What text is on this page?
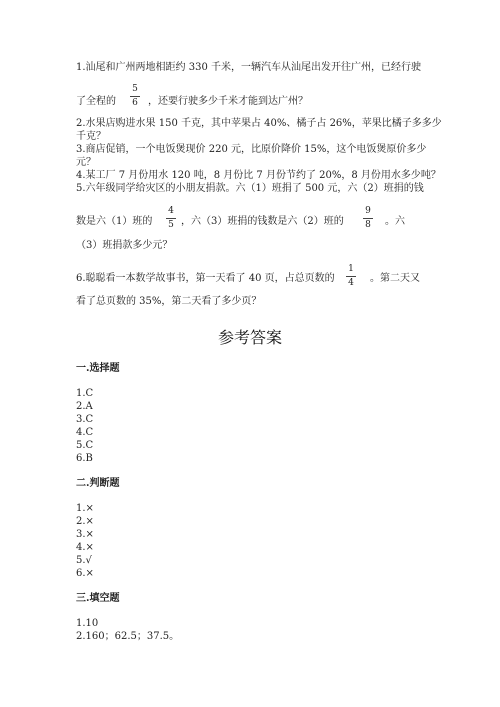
1.汕尾和广州两地相距约 330 千米，一辆汽车从汕尾出发开往广州，已经行驶
了全程的
5
6	，还要行驶多少千米才能到达广州？
2.水果店购进水果 150 千克，其中苹果占 40%、橘子占 26%，苹果比橘子多多少
千克？
3.商店促销，一个电饭煲现价 220 元，比原价降价 15%，这个电饭煲原价多少
元？
4.某工厂 7 月份用水 120 吨，8 月份比 7 月份节约了 20%，8 月份用水多少吨？
5.六年级同学给灾区的小朋友捐款。六（1）班捐了 500 元，六（2）班捐的钱
数是六（1）班的
4
5 ，六（3）班捐的钱数是六（2）班的
9
8	。六
（3）班捐款多少元？
6.聪聪看一本数学故事书，第一天看了 40 页，占总页数的
1
4	。第二天又
看了总页数的 35%，第二天看了多少页？
参考答案
一.选择题
1.C
2.A
3.C
4.C
5.C
6.B
二.判断题
1.×
2.×
3.×
4.×
5.√
6.×
三.填空题
1.10
2.160；62.5；37.5。
